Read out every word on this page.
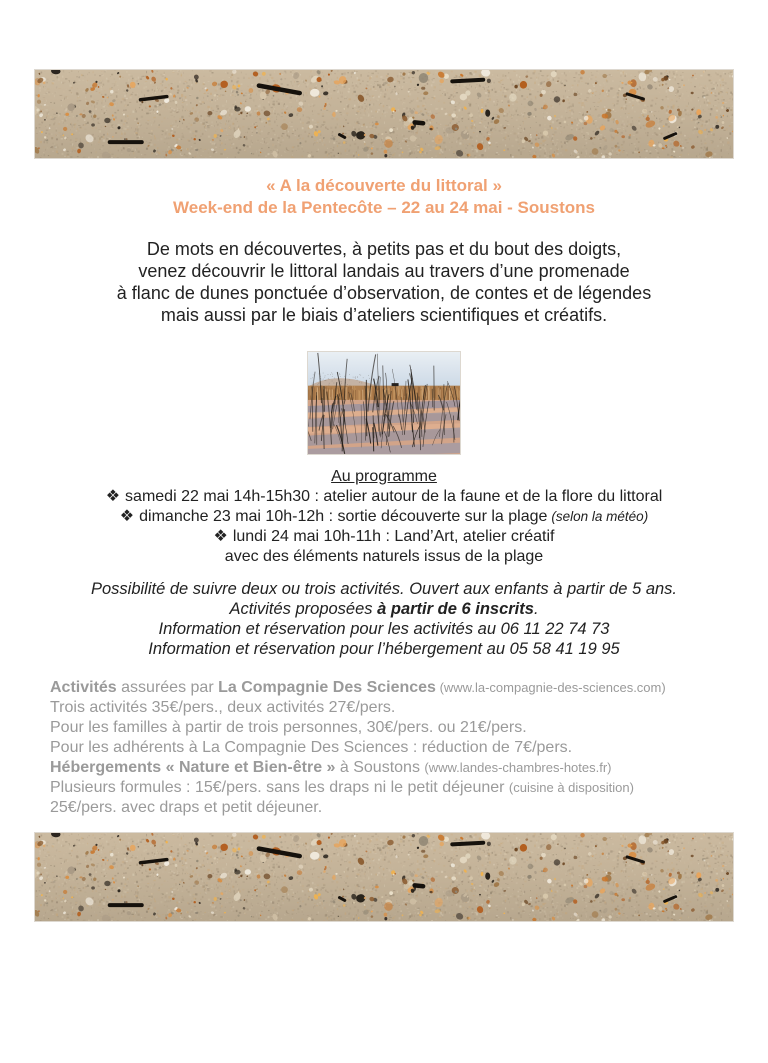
« A la découverte du littoral »
Week-end de la Pentecôte – 22 au 24 mai - Soustons
De mots en découvertes, à petits pas et du bout des doigts,
venez découvrir le littoral landais au travers d’une promenade
à flanc de dunes ponctuée d’observation, de contes et de légendes
mais aussi par le biais d’ateliers scientifiques et créatifs.
Au programme
❖ samedi 22 mai 14h-15h30 : atelier autour de la faune et de la flore du littoral
❖ dimanche 23 mai 10h-12h : sortie découverte sur la plage (selon la météo)
❖ lundi 24 mai 10h-11h : Land’Art, atelier créatif
avec des éléments naturels issus de la plage
Possibilité de suivre deux ou trois activités. Ouvert aux enfants à partir de 5 ans.
Activités proposées à partir de 6 inscrits.
Information et réservation pour les activités au 06 11 22 74 73
Information et réservation pour l’hébergement au 05 58 41 19 95
Activités assurées par La Compagnie Des Sciences (www.la-compagnie-des-sciences.com)
Trois activités 35€/pers., deux activités 27€/pers.
Pour les familles à partir de trois personnes, 30€/pers. ou 21€/pers.
Pour les adhérents à La Compagnie Des Sciences : réduction de 7€/pers.
Hébergements « Nature et Bien-être » à Soustons (www.landes-chambres-hotes.fr)
Plusieurs formules : 15€/pers. sans les draps ni le petit déjeuner (cuisine à disposition)
25€/pers. avec draps et petit déjeuner.
